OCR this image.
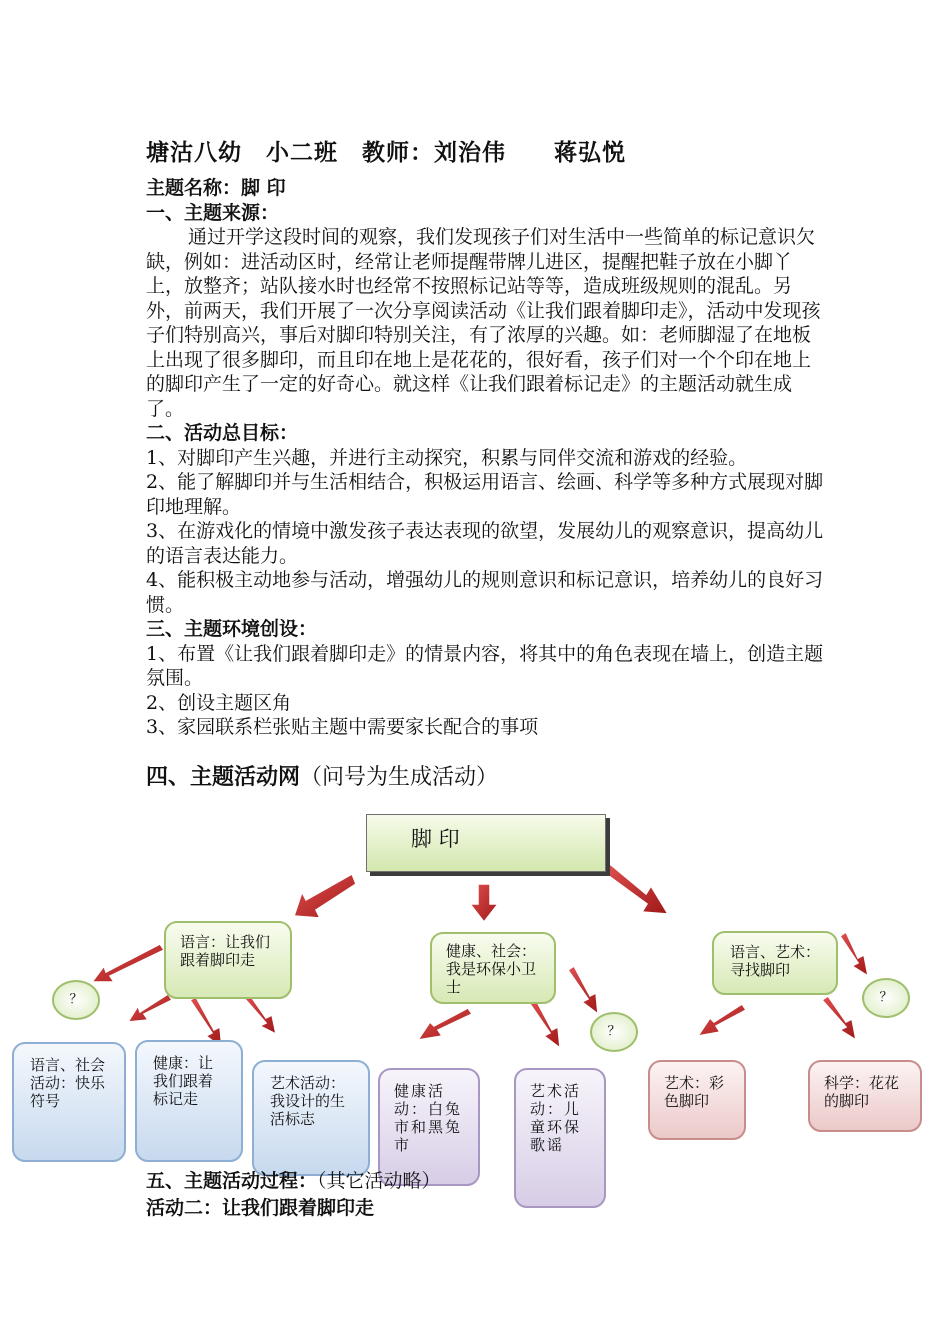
塘沽八幼　小二班　教师：刘治伟　　蒋弘悦
主题名称：脚 印
一、主题来源：
通过开学这段时间的观察，我们发现孩子们对生活中一些简单的标记意识欠缺，例如：进活动区时，经常让老师提醒带牌儿进区，提醒把鞋子放在小脚丫上，放整齐；站队接水时也经常不按照标记站等等，造成班级规则的混乱。另外，前两天，我们开展了一次分享阅读活动《让我们跟着脚印走》，活动中发现孩子们特别高兴，事后对脚印特别关注，有了浓厚的兴趣。如：老师脚湿了在地板上出现了很多脚印，而且印在地上是花花的，很好看，孩子们对一个个印在地上的脚印产生了一定的好奇心。就这样《让我们跟着标记走》的主题活动就生成了。
二、活动总目标：
1、对脚印产生兴趣，并进行主动探究，积累与同伴交流和游戏的经验。
2、能了解脚印并与生活相结合，积极运用语言、绘画、科学等多种方式展现对脚印地理解。
3、在游戏化的情境中激发孩子表达表现的欲望，发展幼儿的观察意识，提高幼儿的语言表达能力。
4、能积极主动地参与活动，增强幼儿的规则意识和标记意识，培养幼儿的良好习惯。
三、主题环境创设：
1、布置《让我们跟着脚印走》的情景内容，将其中的角色表现在墙上，创造主题氛围。
2、创设主题区角
3、家园联系栏张贴主题中需要家长配合的事项
四、主题活动网（问号为生成活动）
脚 印
语言：让我们跟着脚印走	健康、社会：我是环保小卫士
语言、艺术：寻找脚印
？
？
？
语言、社会活动：快乐符号
健康：让我们跟着标记走
艺术活动：我设计的生活标志
健康活动：白兔市和黑兔市
艺术活动：儿童环保歌谣
艺术：彩色脚印
科学：花花的脚印
五、主题活动过程：（其它活动略）
活动二：让我们跟着脚印走
